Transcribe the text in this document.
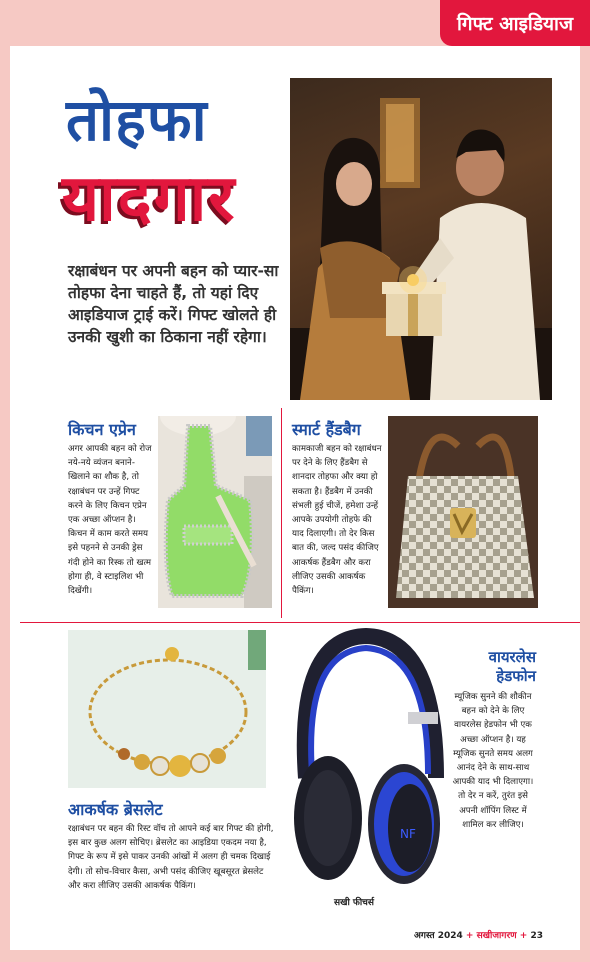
गिफ्ट आइडियाज
तोहफा
यादगार
रक्षाबंधन पर अपनी बहन को प्यार-सा तोहफा देना चाहते हैं, तो यहां दिए आइडियाज ट्राई करें। गिफ्ट खोलते ही उनकी खुशी का ठिकाना नहीं रहेगा।
किचन एप्रेन
अगर आपकी बहन को रोज नये-नये व्यंजन बनाने-खिलाने का शौक है, तो रक्षाबंधन पर उन्हें गिफ्ट करने के लिए किचन एप्रेन एक अच्छा ऑप्शन है। किचन में काम करते समय इसे पहनने से उनकी ड्रेस गंदी होने का रिस्क तो खत्म होगा ही, वे स्टाइलिश भी दिखेंगी।
स्मार्ट हैंडबैग
कामकाजी बहन को रक्षाबंधन पर देने के लिए हैंडबैग से शानदार तोहफा और क्या हो सकता है। हैंडबैग में उनकी संभली हुई चीजें, हमेशा उन्हें आपके उपयोगी तोहफे की याद दिलाएगी। तो देर किस बात की, जल्द पसंद कीजिए आकर्षक हैंडबैग और करा लीजिए उसकी आकर्षक पैकिंग।
आकर्षक ब्रेसलेट
रक्षाबंधन पर बहन की रिस्ट वॉच तो आपने कई बार गिफ्ट की होगी, इस बार कुछ अलग सोचिए। ब्रेसलेट का आइडिया एकदम नया है, गिफ्ट के रूप में इसे पाकर उनकी आंखों में अलग ही चमक दिखाई देगी। तो सोच-विचार कैसा, अभी पसंद कीजिए खूबसूरत ब्रेसलेट और करा लीजिए उसकी आकर्षक पैकिंग।
NF
वायरलेस
हेडफोन
म्यूजिक सुनने की शौकीन बहन को देने के लिए वायरलेस हेडफोन भी एक अच्छा ऑप्शन है। यह म्यूजिक सुनते समय अलग आनंद देने के साथ-साथ आपकी याद भी दिलाएगा। तो देर न करें, तुरंत इसे अपनी शॉपिंग लिस्ट में शामिल कर लीजिए।
सखी फीचर्स
अगस्त 2024 + सखीजागरण + 23
